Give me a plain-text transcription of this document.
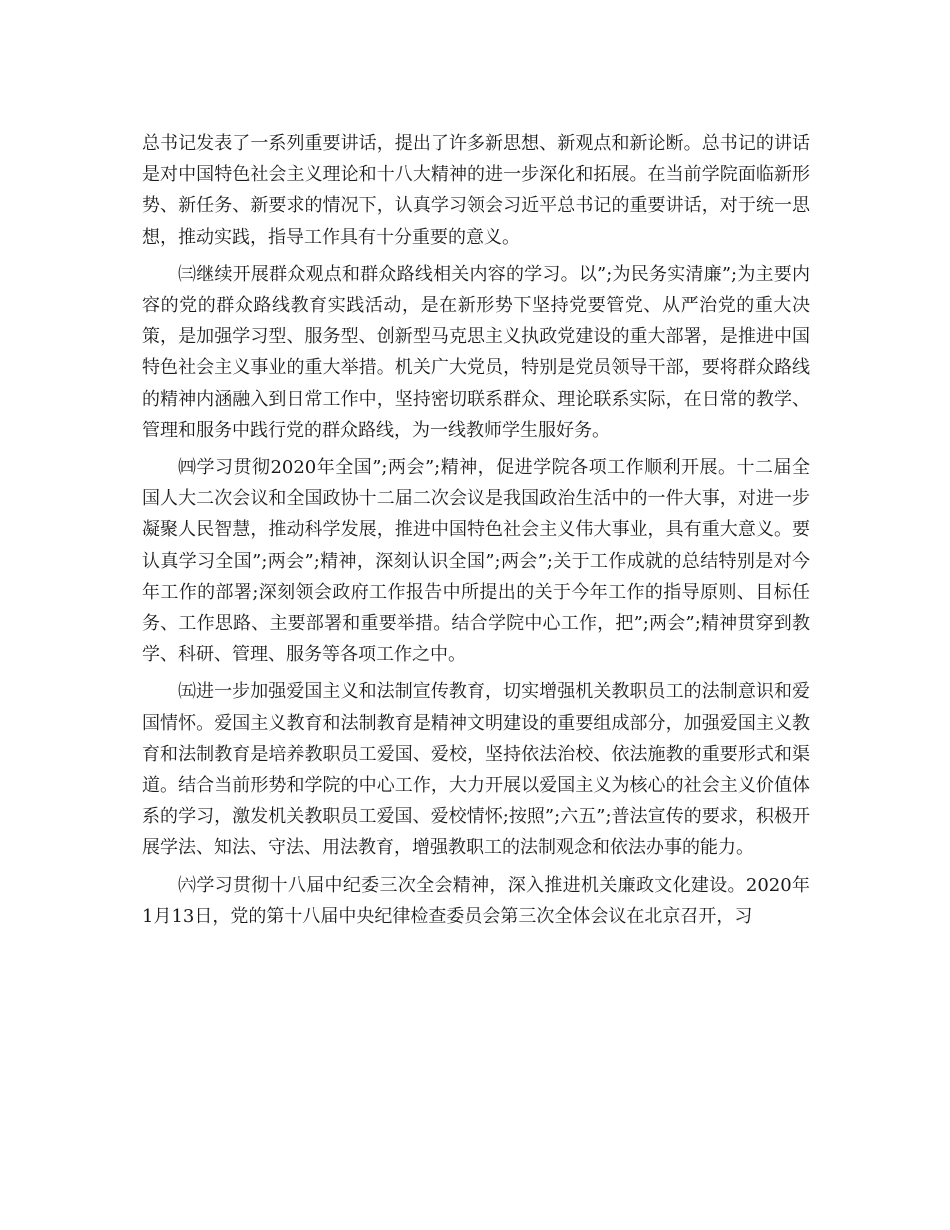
总书记发表了一系列重要讲话，提出了许多新思想、新观点和新论断。总书记的讲话是对中国特色社会主义理论和十八大精神的进一步深化和拓展。在当前学院面临新形势、新任务、新要求的情况下，认真学习领会习近平总书记的重要讲话，对于统一思想，推动实践，指导工作具有十分重要的意义。

㈢继续开展群众观点和群众路线相关内容的学习。以”;为民务实清廉”;为主要内容的党的群众路线教育实践活动，是在新形势下坚持党要管党、从严治党的重大决策，是加强学习型、服务型、创新型马克思主义执政党建设的重大部署，是推进中国特色社会主义事业的重大举措。机关广大党员，特别是党员领导干部，要将群众路线的精神内涵融入到日常工作中，坚持密切联系群众、理论联系实际，在日常的教学、管理和服务中践行党的群众路线，为一线教师学生服好务。

㈣学习贯彻2020年全国”;两会”;精神，促进学院各项工作顺利开展。十二届全国人大二次会议和全国政协十二届二次会议是我国政治生活中的一件大事，对进一步凝聚人民智慧，推动科学发展，推进中国特色社会主义伟大事业，具有重大意义。要认真学习全国”;两会”;精神，深刻认识全国”;两会”;关于工作成就的总结特别是对今年工作的部署;深刻领会政府工作报告中所提出的关于今年工作的指导原则、目标任务、工作思路、主要部署和重要举措。结合学院中心工作，把”;两会”;精神贯穿到教学、科研、管理、服务等各项工作之中。

㈤进一步加强爱国主义和法制宣传教育，切实增强机关教职员工的法制意识和爱国情怀。爱国主义教育和法制教育是精神文明建设的重要组成部分，加强爱国主义教育和法制教育是培养教职员工爱国、爱校，坚持依法治校、依法施教的重要形式和渠道。结合当前形势和学院的中心工作，大力开展以爱国主义为核心的社会主义价值体系的学习，激发机关教职员工爱国、爱校情怀;按照”;六五”;普法宣传的要求，积极开展学法、知法、守法、用法教育，增强教职工的法制观念和依法办事的能力。

㈥学习贯彻十八届中纪委三次全会精神，深入推进机关廉政文化建设。2020年1月13日，党的第十八届中央纪律检查委员会第三次全体会议在北京召开，习
